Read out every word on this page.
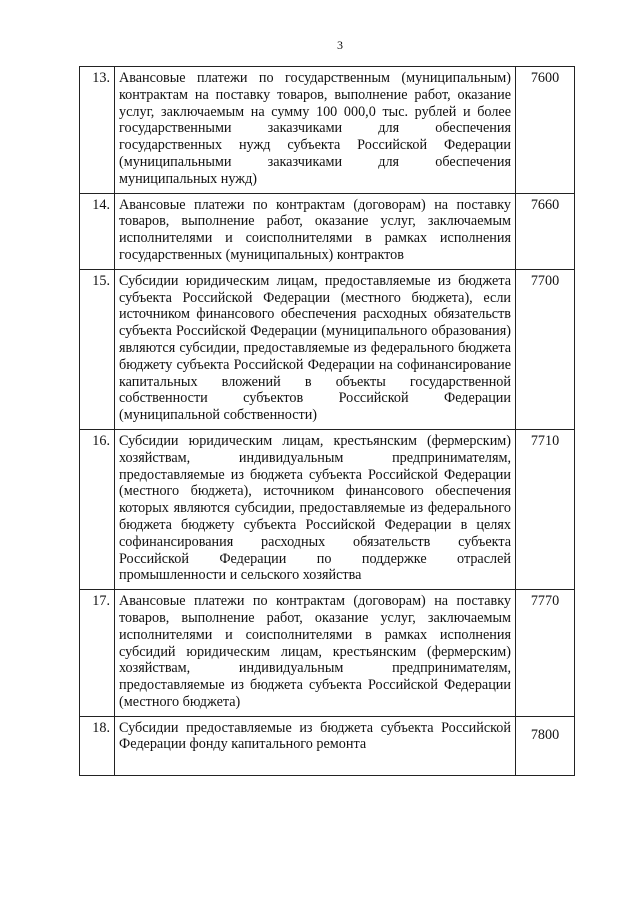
3
13.	Авансовые платежи по государственным (муниципальным) контрактам на поставку товаров, выполнение работ, оказание услуг, заключаемым на сумму 100 000,0 тыс. рублей и более государственными заказчиками для обеспечения государственных нужд субъекта Российской Федерации (муниципальными заказчиками для обеспечения муниципальных нужд)	7600
14.	Авансовые платежи по контрактам (договорам) на поставку товаров, выполнение работ, оказание услуг, заключаемым исполнителями и соисполнителями в рамках исполнения государственных (муниципальных) контрактов	7660
15.	Субсидии юридическим лицам, предоставляемые из бюджета субъекта Российской Федерации (местного бюджета), если источником финансового обеспечения расходных обязательств субъекта Российской Федерации (муниципального образования) являются субсидии, предоставляемые из федерального бюджета бюджету субъекта Российской Федерации на софинансирование капитальных вложений в объекты государственной собственности субъектов Российской Федерации (муниципальной собственности)	7700
16.	Субсидии юридическим лицам, крестьянским (фермерским) хозяйствам, индивидуальным предпринимателям, предоставляемые из бюджета субъекта Российской Федерации (местного бюджета), источником финансового обеспечения которых являются субсидии, предоставляемые из федерального бюджета бюджету субъекта Российской Федерации в целях софинансирования расходных обязательств субъекта Российской Федерации по поддержке отраслей промышленности и сельского хозяйства	7710
17.	Авансовые платежи по контрактам (договорам) на поставку товаров, выполнение работ, оказание услуг, заключаемым исполнителями и соисполнителями в рамках исполнения субсидий юридическим лицам, крестьянским (фермерским) хозяйствам, индивидуальным предпринимателям, предоставляемые из бюджета субъекта Российской Федерации (местного бюджета)	7770
18.	Субсидии предоставляемые из бюджета субъекта Российской Федерации фонду капитального ремонта	7800
